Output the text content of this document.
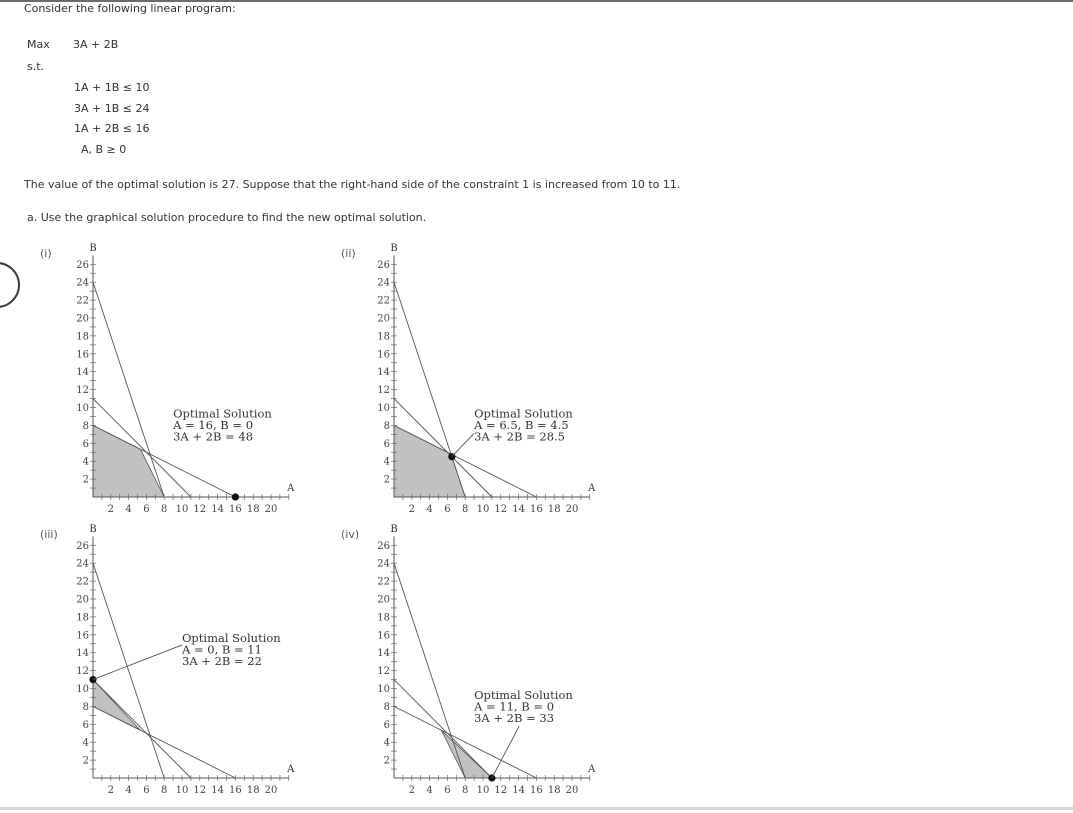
Consider the following linear program:
Max 3A + 2B
s.t.
1A + 1B ≤ 10
3A + 1B ≤ 24
1A + 2B ≤ 16
A, B ≥ 0
The value of the optimal solution is 27. Suppose that the right-hand side of the constraint 1 is increased from 10 to 11.
a. Use the graphical solution procedure to find the new optimal solution.
(i)
2 4 6 8 10 12 14 16 18 20
2
4
6
8
10
12
14
16
18
20
22
24
26
A
B
Optimal Solution
A = 16, B = 0
3A + 2B = 48
(ii)
2 4 6 8 10 12 14 16 18 20
2
4
6
8
10
12
14
16
18
20
22
24
26
A
B
Optimal Solution
A = 6.5, B = 4.5
3A + 2B = 28.5
(iii)
2 4 6 8 10 12 14 16 18 20
2
4
6
8
10
12
14
16
18
20
22
24
26
A
B
Optimal Solution
A = 0, B = 11
3A + 2B = 22
(iv)
2 4 6 8 10 12 14 16 18 20
2
4
6
8
10
12
14
16
18
20
22
24
26
A
B
Optimal Solution
A = 11, B = 0
3A + 2B = 33
